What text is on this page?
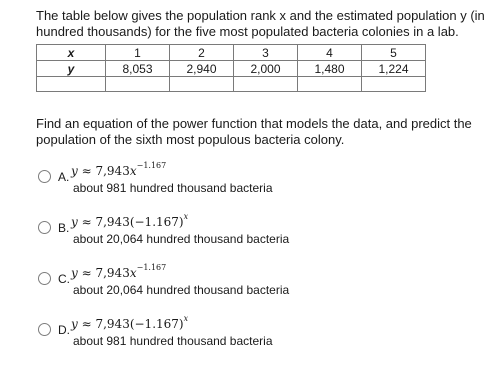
The table below gives the population rank x and the estimated population y (in
hundred thousands) for the five most populated bacteria colonies in a lab.
x	1	2	3	4	5
y	8,053	2,940	2,000	1,480	1,224

Find an equation of the power function that models the data, and predict the
population of the sixth most populous bacteria colony.
A. $y \approx 7,943x^{-1.167}$
about 981 hundred thousand bacteria
B. $y \approx 7,943(-1.167)^x$
about 20,064 hundred thousand bacteria
C. $y \approx 7,943x^{-1.167}$
about 20,064 hundred thousand bacteria
D. $y \approx 7,943(-1.167)^x$
about 981 hundred thousand bacteria
